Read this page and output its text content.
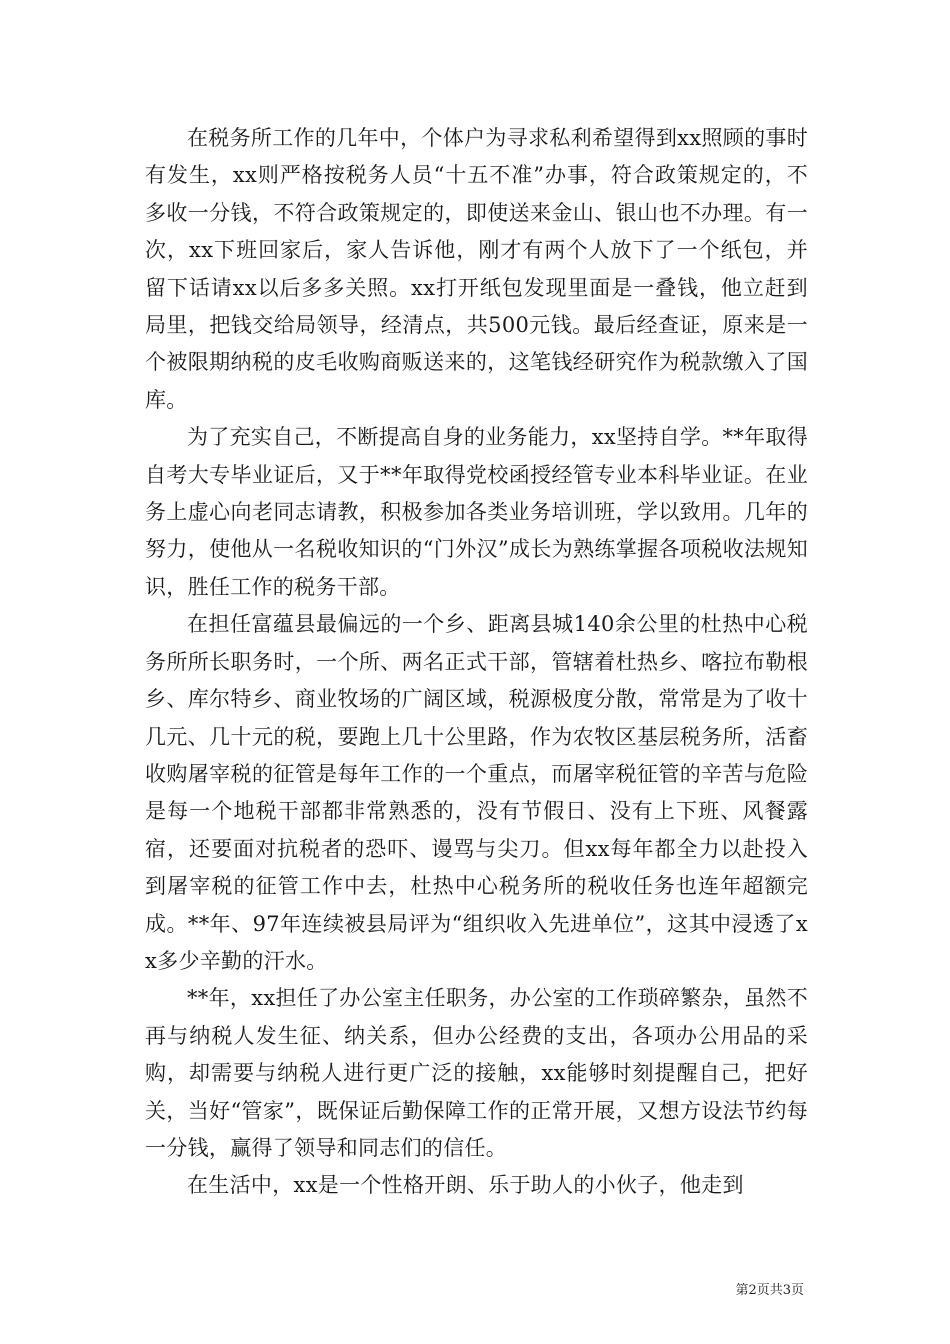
在税务所工作的几年中，个体户为寻求私利希望得到xx照顾的事时有发生，xx则严格按税务人员“十五不准”办事，符合政策规定的，不多收一分钱，不符合政策规定的，即使送来金山、银山也不办理。有一次，xx下班回家后，家人告诉他，刚才有两个人放下了一个纸包，并留下话请xx以后多多关照。xx打开纸包发现里面是一叠钱，他立赶到局里，把钱交给局领导，经清点，共500元钱。最后经查证，原来是一个被限期纳税的皮毛收购商贩送来的，这笔钱经研究作为税款缴入了国库。

为了充实自己，不断提高自身的业务能力，xx坚持自学。**年取得自考大专毕业证后，又于**年取得党校函授经管专业本科毕业证。在业务上虚心向老同志请教，积极参加各类业务培训班，学以致用。几年的努力，使他从一名税收知识的“门外汉”成长为熟练掌握各项税收法规知识，胜任工作的税务干部。

在担任富蕴县最偏远的一个乡、距离县城140余公里的杜热中心税务所所长职务时，一个所、两名正式干部，管辖着杜热乡、喀拉布勒根乡、库尔特乡、商业牧场的广阔区域，税源极度分散，常常是为了收十几元、几十元的税，要跑上几十公里路，作为农牧区基层税务所，活畜收购屠宰税的征管是每年工作的一个重点，而屠宰税征管的辛苦与危险是每一个地税干部都非常熟悉的，没有节假日、没有上下班、风餐露宿，还要面对抗税者的恐吓、谩骂与尖刀。但xx每年都全力以赴投入到屠宰税的征管工作中去，杜热中心税务所的税收任务也连年超额完成。**年、97年连续被县局评为“组织收入先进单位”，这其中浸透了xx多少辛勤的汗水。

**年，xx担任了办公室主任职务，办公室的工作琐碎繁杂，虽然不再与纳税人发生征、纳关系，但办公经费的支出，各项办公用品的采购，却需要与纳税人进行更广泛的接触，xx能够时刻提醒自己，把好关，当好“管家”，既保证后勤保障工作的正常开展，又想方设法节约每一分钱，赢得了领导和同志们的信任。

在生活中，xx是一个性格开朗、乐于助人的小伙子，他走到

第2页共3页
